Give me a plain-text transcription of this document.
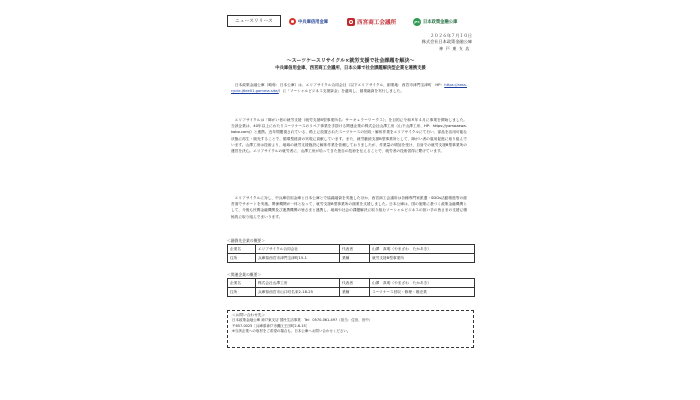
ニュースリリース	中兵庫信用金庫	西宮商工会議所	JFC 日本政策金融公庫
２０２６年７月１０日
株式会社日本政策金融公庫
神戸東支店
～スーツケースリサイクル×就労支援で社会課題を解決～
中兵庫信用金庫、西宮商工会議所、日本公庫で社会課題解決型企業を連携支援
　日本政策金融公庫（略称：日本公庫）は、エリアサイクル合同会社（以下エリアサイクル、創業地：西宮市津門宝津町　HP：https://area-cycle-j6ee01.gamma.site/）に「ソーシャルビジネス支援資金」を適用し、創業融資を実行しました。
　エリアサイクルは「障がい者の就労支援（就労支援B型事業所名：サーキュラーワークス）」を目的に令和８年４月に事業を開始しました。当該企業は、40年以上にわたりスーツケースのリペア事業を手掛ける関連企業の株式会社山澤工房（山下山澤工房、HP：https://yamazawa-kobo.com/）と連携。近年問題視されている、路上に放置されたスーツケースの回収・解体作業をエリアサイクルにて行い、部品を活用可能な状態に再生・販売することで、循環型経済の実現に貢献しています。また、就労継続支援B型事業所として、障がい者の雇用促進に取り組んでいます。山澤工房は技術より、地域の就労支援施設に解体作業を依頼しておりましたが、作業量の増加を受け、自身での就労支援B型事業所の運営を決心。エリアサイクルの就労者に、山澤工房が培ってきた独自の技術を伝えることで、就労者の技術習得に繋げています。
　エリアサイクルに対し、中兵庫信用金庫と日本公庫とで協調融資を実施したほか、西宮商工会議所は各種専門家派遣・SDGs活動推進等の経営面でサポートを実施。関係機関が一体となって、就労支援B型事業所の創業を支援しました。日本公庫は、国の施策に基づく政策金融機関として、今後も民間金融機関及び連携機関の皆さまと連携し、地域や社会の課題解決に取り組むソーシャルビジネスの担い手の皆さまの支援に積極的に取り組んでまいります。
＜融資先企業の概要＞
企業名	エリアサイクル合同会社	代表者	山澤　真明（やまざわ　たかあき）
住所	兵庫県西宮市津門宝津町15-1	業種	就労支援B型事業所
＜関連企業の概要＞
企業名	株式会社山澤工房	代表者	山澤　真明（やまざわ　たかあき）
住所	兵庫県西宮市山口町名来2-18-25	業種	スーツケース回収・修理・販売業
＜お問い合わせ先＞
日本政策金融公庫 神戸東支店 国民生活事業　Tel：0570-061-497（担当：住田、田中）
〒657-0025［兵庫県神戸市灘区王田町2-6-15］
※当該企業への取材をご希望の場合も、日本公庫へお問い合わせください。
